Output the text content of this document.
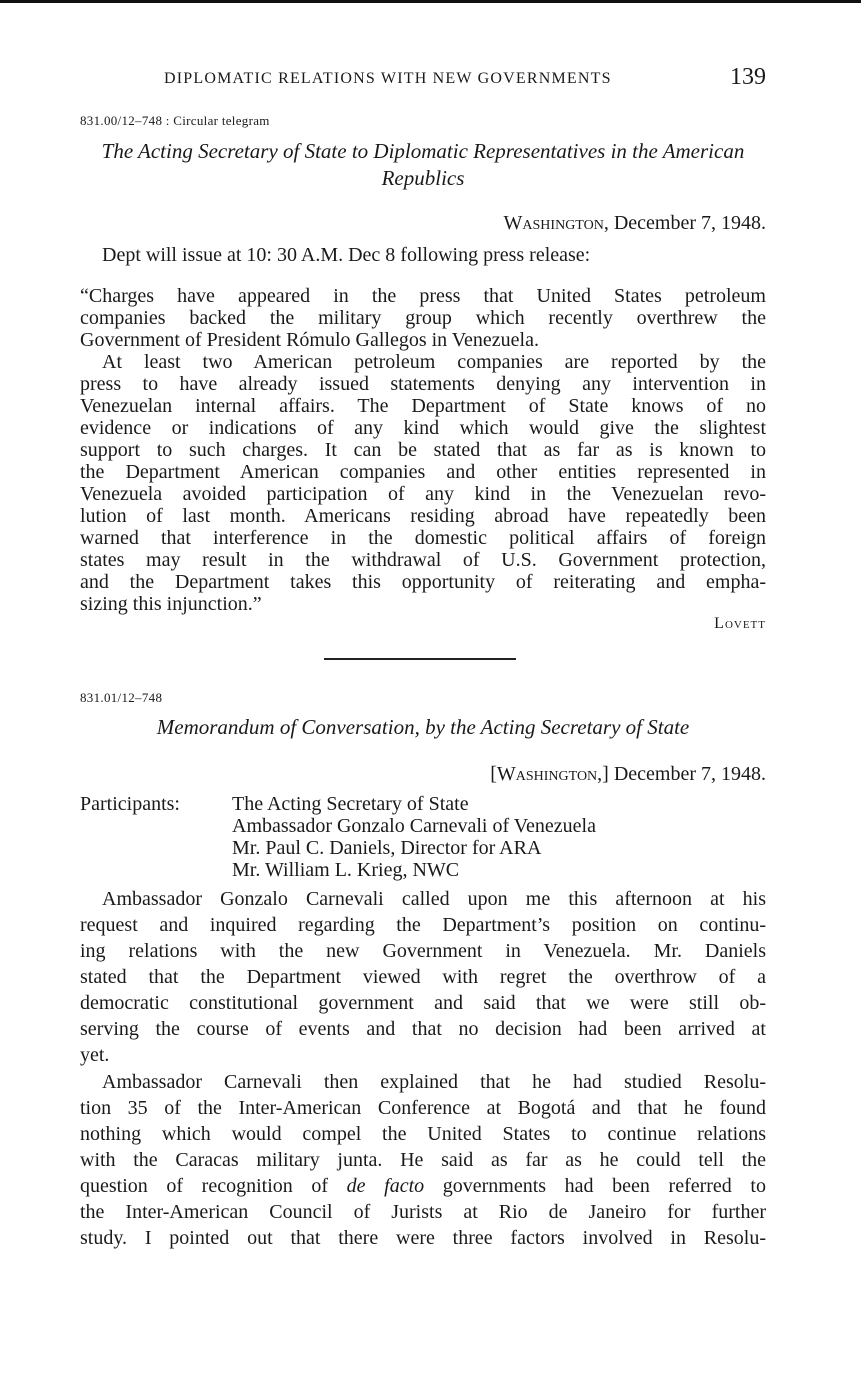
DIPLOMATIC RELATIONS WITH NEW GOVERNMENTS	139
831.00/12–748 : Circular telegram
The Acting Secretary of State to Diplomatic Representatives in the American Republics
Washington, December 7, 1948.
Dept will issue at 10: 30 A.M. Dec 8 following press release:
“Charges have appeared in the press that United States petroleum
companies backed the military group which recently overthrew the
Government of President Rómulo Gallegos in Venezuela.
At least two American petroleum companies are reported by the
press to have already issued statements denying any intervention in
Venezuelan internal affairs. The Department of State knows of no
evidence or indications of any kind which would give the slightest
support to such charges. It can be stated that as far as is known to
the Department American companies and other entities represented in
Venezuela avoided participation of any kind in the Venezuelan revo-
lution of last month. Americans residing abroad have repeatedly been
warned that interference in the domestic political affairs of foreign
states may result in the withdrawal of U.S. Government protection,
and the Department takes this opportunity of reiterating and empha-
sizing this injunction.”
Lovett
831.01/12–748
Memorandum of Conversation, by the Acting Secretary of State
[Washington,] December 7, 1948.
Participants:	The Acting Secretary of State
Ambassador Gonzalo Carnevali of Venezuela
Mr. Paul C. Daniels, Director for ARA
Mr. William L. Krieg, NWC
Ambassador Gonzalo Carnevali called upon me this afternoon at his
request and inquired regarding the Department’s position on continu-
ing relations with the new Government in Venezuela. Mr. Daniels
stated that the Department viewed with regret the overthrow of a
democratic constitutional government and said that we were still ob-
serving the course of events and that no decision had been arrived at
yet.
Ambassador Carnevali then explained that he had studied Resolu-
tion 35 of the Inter-American Conference at Bogotá and that he found
nothing which would compel the United States to continue relations
with the Caracas military junta. He said as far as he could tell the
question of recognition of de facto governments had been referred to
the Inter-American Council of Jurists at Rio de Janeiro for further
study. I pointed out that there were three factors involved in Resolu-
